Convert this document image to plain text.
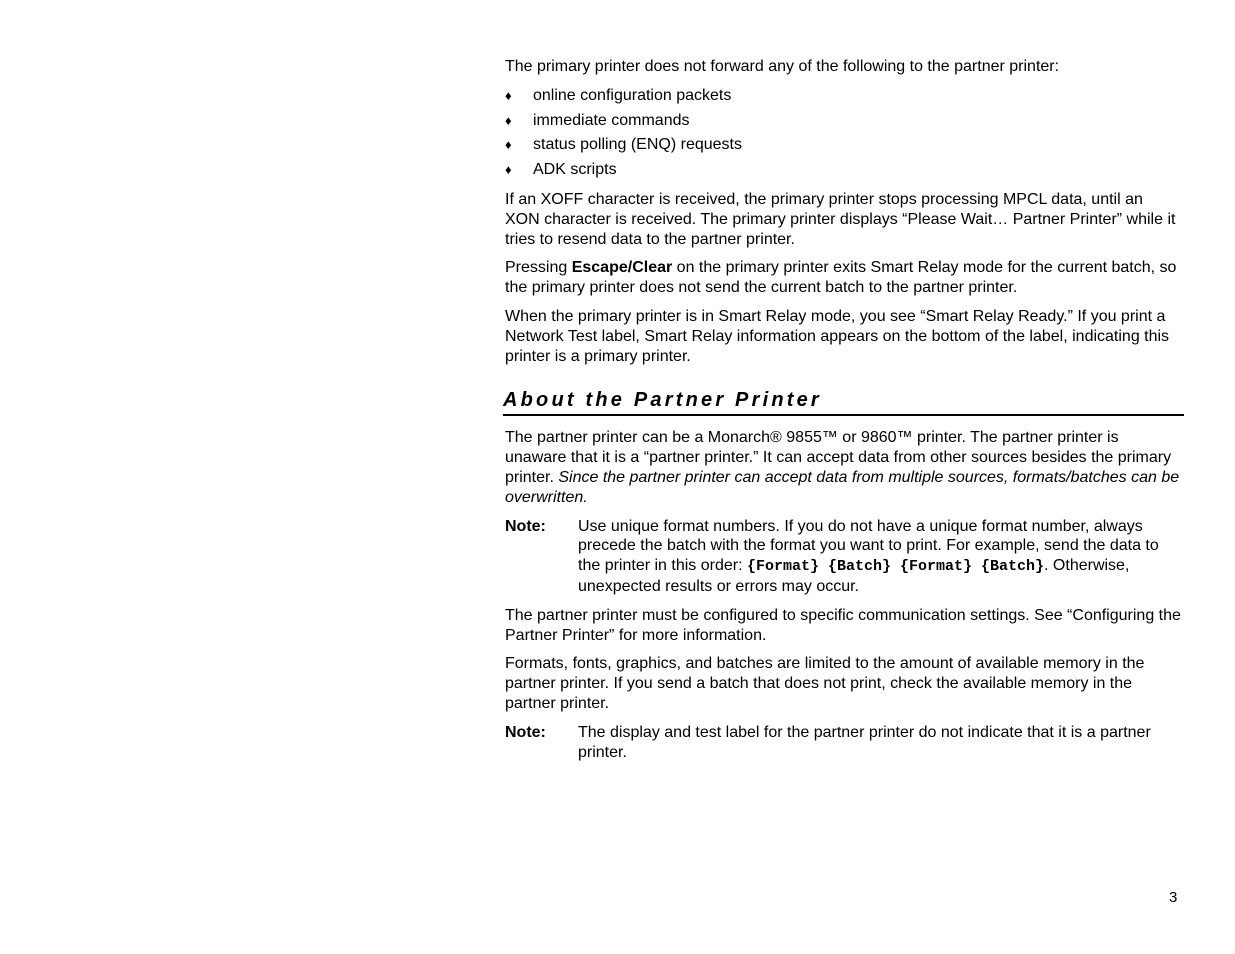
The primary printer does not forward any of the following to the partner printer:

♦ online configuration packets
♦ immediate commands
♦ status polling (ENQ) requests
♦ ADK scripts

If an XOFF character is received, the primary printer stops processing MPCL data, until an XON character is received. The primary printer displays “Please Wait… Partner Printer” while it tries to resend data to the partner printer.

Pressing Escape/Clear on the primary printer exits Smart Relay mode for the current batch, so the primary printer does not send the current batch to the partner printer.

When the primary printer is in Smart Relay mode, you see “Smart Relay Ready.” If you print a Network Test label, Smart Relay information appears on the bottom of the label, indicating this printer is a primary printer.

About the Partner Printer

The partner printer can be a Monarch® 9855™ or 9860™ printer. The partner printer is unaware that it is a “partner printer.” It can accept data from other sources besides the primary printer. Since the partner printer can accept data from multiple sources, formats/batches can be overwritten.

Note:	Use unique format numbers. If you do not have a unique format number, always precede the batch with the format you want to print. For example, send the data to the printer in this order: {Format} {Batch} {Format} {Batch}. Otherwise, unexpected results or errors may occur.

The partner printer must be configured to specific communication settings. See “Configuring the Partner Printer” for more information.

Formats, fonts, graphics, and batches are limited to the amount of available memory in the partner printer. If you send a batch that does not print, check the available memory in the partner printer.

Note:	The display and test label for the partner printer do not indicate that it is a partner printer.
3
